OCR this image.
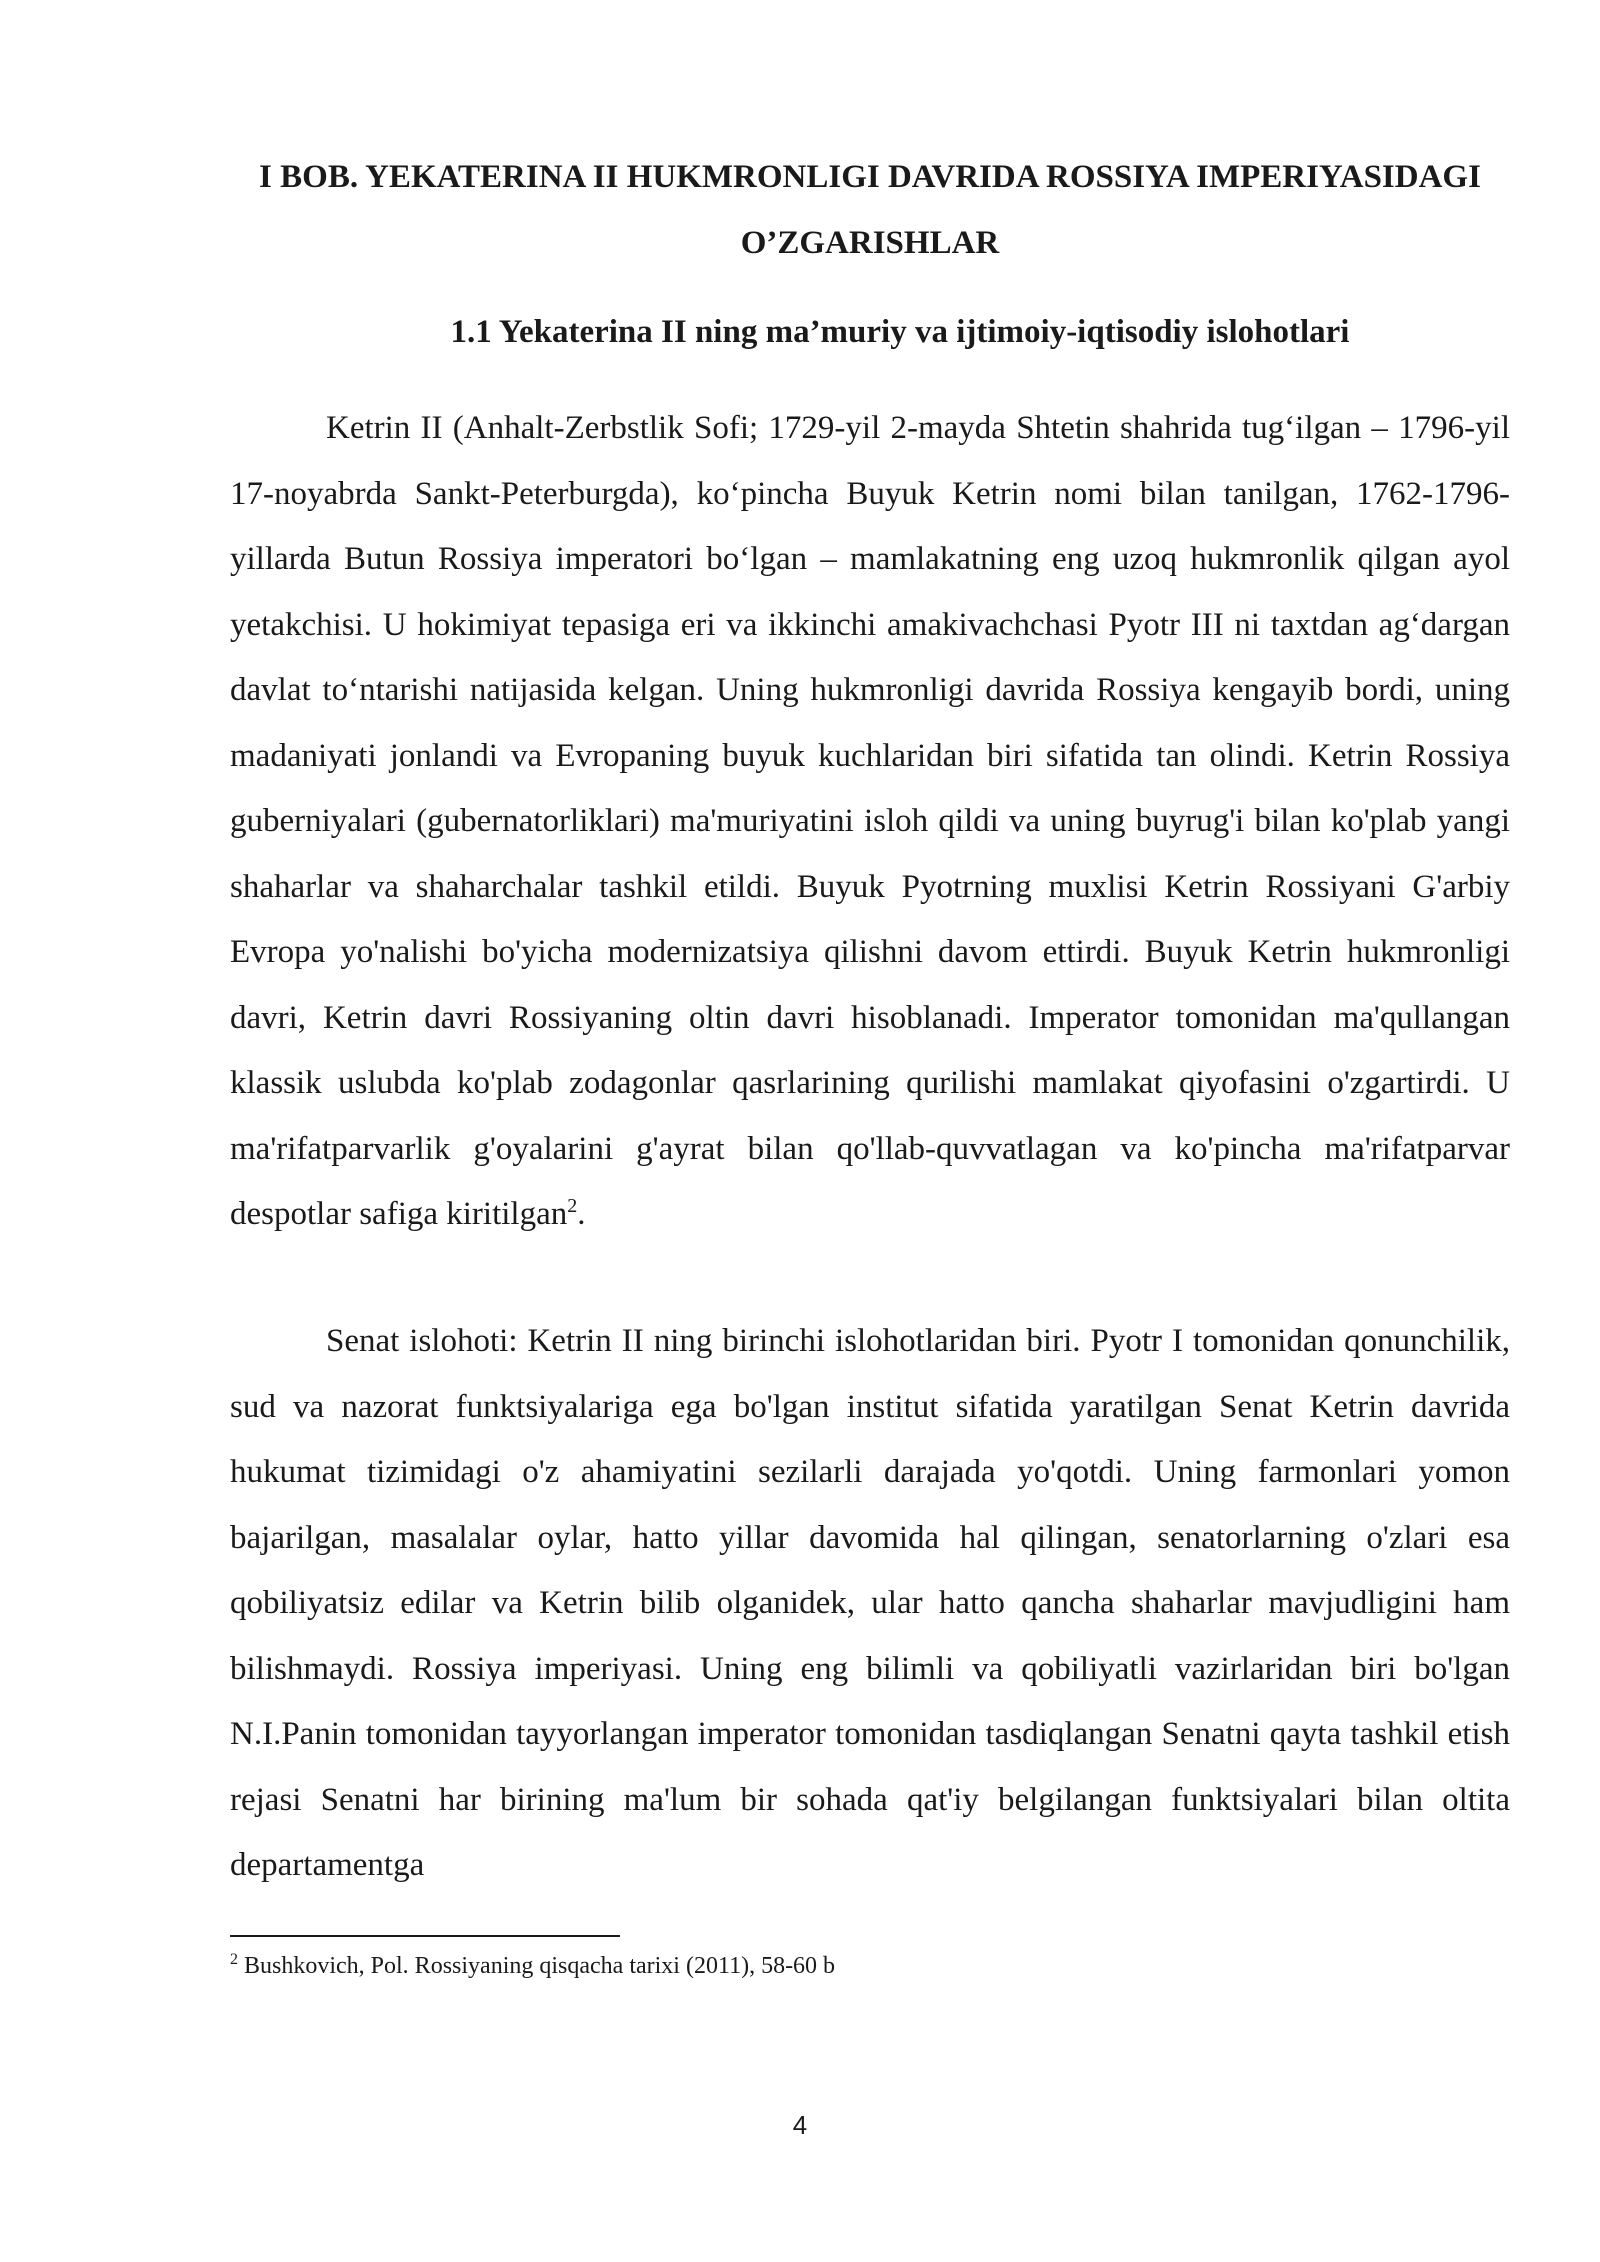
I BOB. YEKATERINA II HUKMRONLIGI DAVRIDA ROSSIYA IMPERIYASIDAGI O’ZGARISHLAR
1.1 Yekaterina II ning ma’muriy va ijtimoiy-iqtisodiy islohotlari

Ketrin II (Anhalt-Zerbstlik Sofi; 1729-yil 2-mayda Shtetin shahrida tug‘ilgan – 1796-yil 17-noyabrda Sankt-Peterburgda), ko‘pincha Buyuk Ketrin nomi bilan tanilgan, 1762-1796-yillarda Butun Rossiya imperatori bo‘lgan – mamlakatning eng uzoq hukmronlik qilgan ayol yetakchisi. U hokimiyat tepasiga eri va ikkinchi amakivachchasi Pyotr III ni taxtdan ag‘dargan davlat to‘ntarishi natijasida kelgan. Uning hukmronligi davrida Rossiya kengayib bordi, uning madaniyati jonlandi va Evropaning buyuk kuchlaridan biri sifatida tan olindi. Ketrin Rossiya guberniyalari (gubernatorliklari) ma'muriyatini isloh qildi va uning buyrug'i bilan ko'plab yangi shaharlar va shaharchalar tashkil etildi. Buyuk Pyotrning muxlisi Ketrin Rossiyani G'arbiy Evropa yo'nalishi bo'yicha modernizatsiya qilishni davom ettirdi. Buyuk Ketrin hukmronligi davri, Ketrin davri Rossiyaning oltin davri hisoblanadi. Imperator tomonidan ma'qullangan klassik uslubda ko'plab zodagonlar qasrlarining qurilishi mamlakat qiyofasini o'zgartirdi. U ma'rifatparvarlik g'oyalarini g'ayrat bilan qo'llab-quvvatlagan va ko'pincha ma'rifatparvar despotlar safiga kiritilgan$^2$.

Senat islohoti: Ketrin II ning birinchi islohotlaridan biri. Pyotr I tomonidan qonunchilik, sud va nazorat funktsiyalariga ega bo'lgan institut sifatida yaratilgan Senat Ketrin davrida hukumat tizimidagi o'z ahamiyatini sezilarli darajada yo'qotdi. Uning farmonlari yomon bajarilgan, masalalar oylar, hatto yillar davomida hal qilingan, senatorlarning o'zlari esa qobiliyatsiz edilar va Ketrin bilib olganidek, ular hatto qancha shaharlar mavjudligini ham bilishmaydi. Rossiya imperiyasi. Uning eng bilimli va qobiliyatli vazirlaridan biri bo'lgan N.I.Panin tomonidan tayyorlangan imperator tomonidan tasdiqlangan Senatni qayta tashkil etish rejasi Senatni har birining ma'lum bir sohada qat'iy belgilangan funktsiyalari bilan oltita departamentga

$^2$ Bushkovich, Pol. Rossiyaning qisqacha tarixi (2011), 58-60 b

4
